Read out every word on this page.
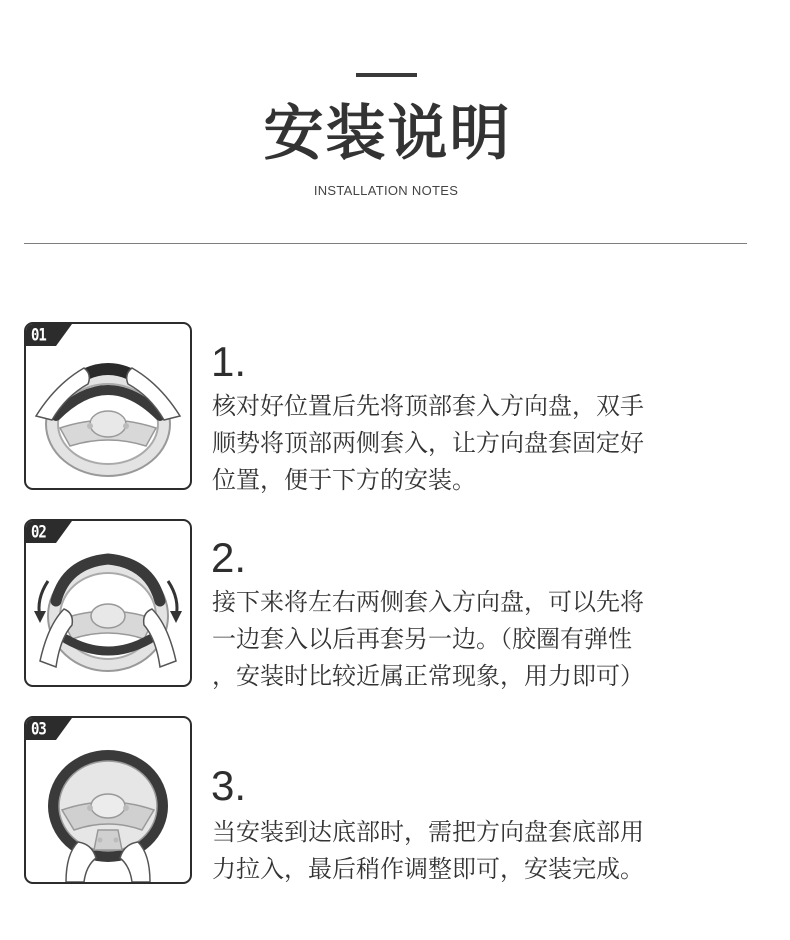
安装说明
INSTALLATION NOTES
01
1.

核对好位置后先将顶部套入方向盘，双手
顺势将顶部两侧套入，让方向盘套固定好
位置，便于下方的安装。

02
2.

接下来将左右两侧套入方向盘，可以先将
一边套入以后再套另一边。（胶圈有弹性
，安装时比较近属正常现象，用力即可）

03
3.

当安装到达底部时，需把方向盘套底部用
力拉入，最后稍作调整即可，安装完成。
